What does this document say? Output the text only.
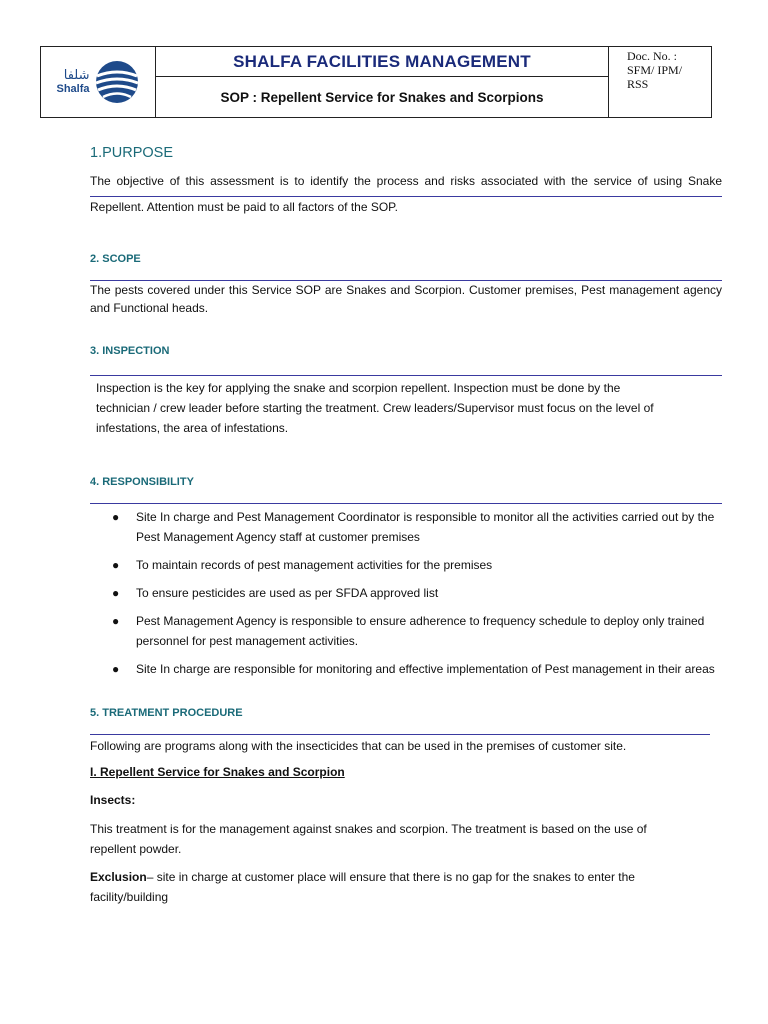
شلفا
Shalfa
SHALFA FACILITIES MANAGEMENT
SOP : Repellent Service for Snakes and Scorpions
Doc. No. :
SFM/ IPM/
RSS
1.PURPOSE
The objective of this assessment is to identify the process and risks associated with the service of using Snake
Repellent. Attention must be paid to all factors of the SOP.
2. SCOPE
The pests covered under this Service SOP are Snakes and Scorpion. Customer premises, Pest management agency and Functional heads.
3. INSPECTION
Inspection is the key for applying the snake and scorpion repellent. Inspection must be done by the
technician / crew leader before starting the treatment. Crew leaders/Supervisor must focus on the level of
infestations, the area of infestations.
4. RESPONSIBILITY
● Site In charge and Pest Management Coordinator is responsible to monitor all the activities carried out by the Pest Management Agency staff at customer premises
● To maintain records of pest management activities for the premises
● To ensure pesticides are used as per SFDA approved list
● Pest Management Agency is responsible to ensure adherence to frequency schedule to deploy only trained personnel for pest management activities.
● Site In charge are responsible for monitoring and effective implementation of Pest management in their areas
5. TREATMENT PROCEDURE
Following are programs along with the insecticides that can be used in the premises of customer site.
I. Repellent Service for Snakes and Scorpion
Insects:
This treatment is for the management against snakes and scorpion. The treatment is based on the use of repellent powder.
Exclusion– site in charge at customer place will ensure that there is no gap for the snakes to enter the facility/building
